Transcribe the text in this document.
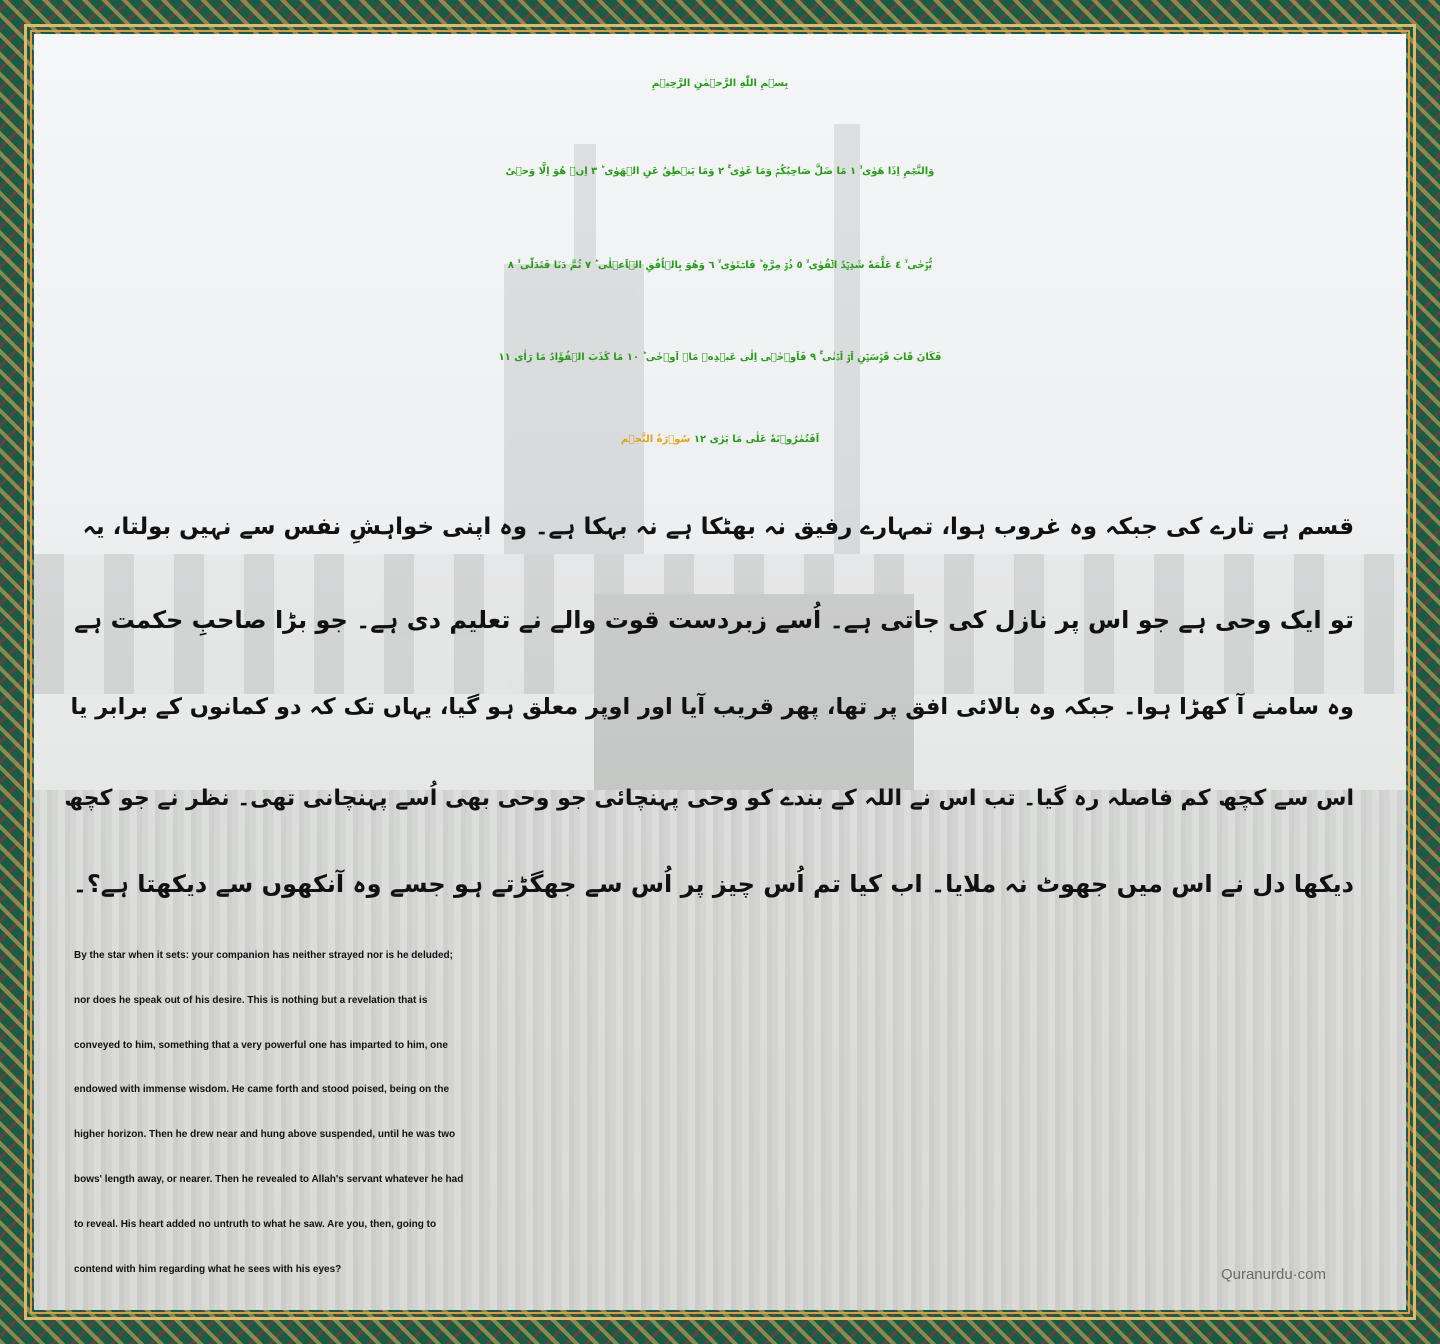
بِسۡمِ اللّٰهِ الرَّحۡمٰنِ الرَّحِيۡمِ
وَالنَّجۡمِ اِذَا هَوٰى ۙ‏ ١ مَا ضَلَّ صَاحِبُكُمۡ وَمَا غَوٰى‌ ۚ‏ ٢ وَمَا يَنۡطِقُ عَنِ الۡهَوٰى ؕ‏ ٣ اِنۡ هُوَ اِلَّا وَحۡىٌ
يُّوۡحٰى ۙ‏ ٤ عَلَّمَهٗ شَدِيۡدُ الۡقُوٰى ۙ‏ ٥ ذُوۡ مِرَّةٍ ؕ فَاسۡتَوٰى ۙ‏ ٦ وَهُوَ بِالۡاُفُقِ الۡاَعۡلٰى ؕ‏ ٧ ثُمَّ دَنَا فَتَدَلّٰى ۙ‏ ٨
فَكَانَ قَابَ قَوۡسَيۡنِ اَوۡ اَدۡنٰى‌ ۚ‏ ٩ فَاَوۡحٰۤى اِلٰى عَبۡدِهٖ مَاۤ اَوۡحٰى ؕ‏ ١٠ مَا كَذَبَ الۡفُؤَادُ مَا رَاٰى‏ ١١
اَفَتُمٰرُوۡنَهٗ عَلٰى مَا يَرٰى‏ ١٢ سُوۡرَةُ النَّجۡم
قسم ہے تارے کی جبکہ وہ غروب ہوا، تمہارے رفیق نہ بھٹکا ہے نہ بہکا ہے۔ وہ اپنی خواہشِ نفس سے نہیں بولتا، یہ
تو ایک وحی ہے جو اس پر نازل کی جاتی ہے۔ اُسے زبردست قوت والے نے تعلیم دی ہے۔ جو بڑا صاحبِ حکمت ہے
وہ سامنے آ کھڑا ہوا۔ جبکہ وہ بالائی افق پر تھا، پھر قریب آیا اور اوپر معلق ہو گیا، یہاں تک کہ دو کمانوں کے برابر یا
اس سے کچھ کم فاصلہ رہ گیا۔ تب اس نے اللہ کے بندے کو وحی پہنچائی جو وحی بھی اُسے پہنچانی تھی۔ نظر نے جو کچھ
دیکھا دل نے اس میں جھوٹ نہ ملایا۔ اب کیا تم اُس چیز پر اُس سے جھگڑتے ہو جسے وہ آنکھوں سے دیکھتا ہے؟۔
By the star when it sets: your companion has neither strayed nor is he deluded;
nor does he speak out of his desire. This is nothing but a revelation that is
conveyed to him, something that a very powerful one has imparted to him, one
endowed with immense wisdom. He came forth and stood poised, being on the
higher horizon. Then he drew near and hung above suspended, until he was two
bows' length away, or nearer. Then he revealed to Allah's servant whatever he had
to reveal. His heart added no untruth to what he saw. Are you, then, going to
contend with him regarding what he sees with his eyes?	Quranurdu·com
